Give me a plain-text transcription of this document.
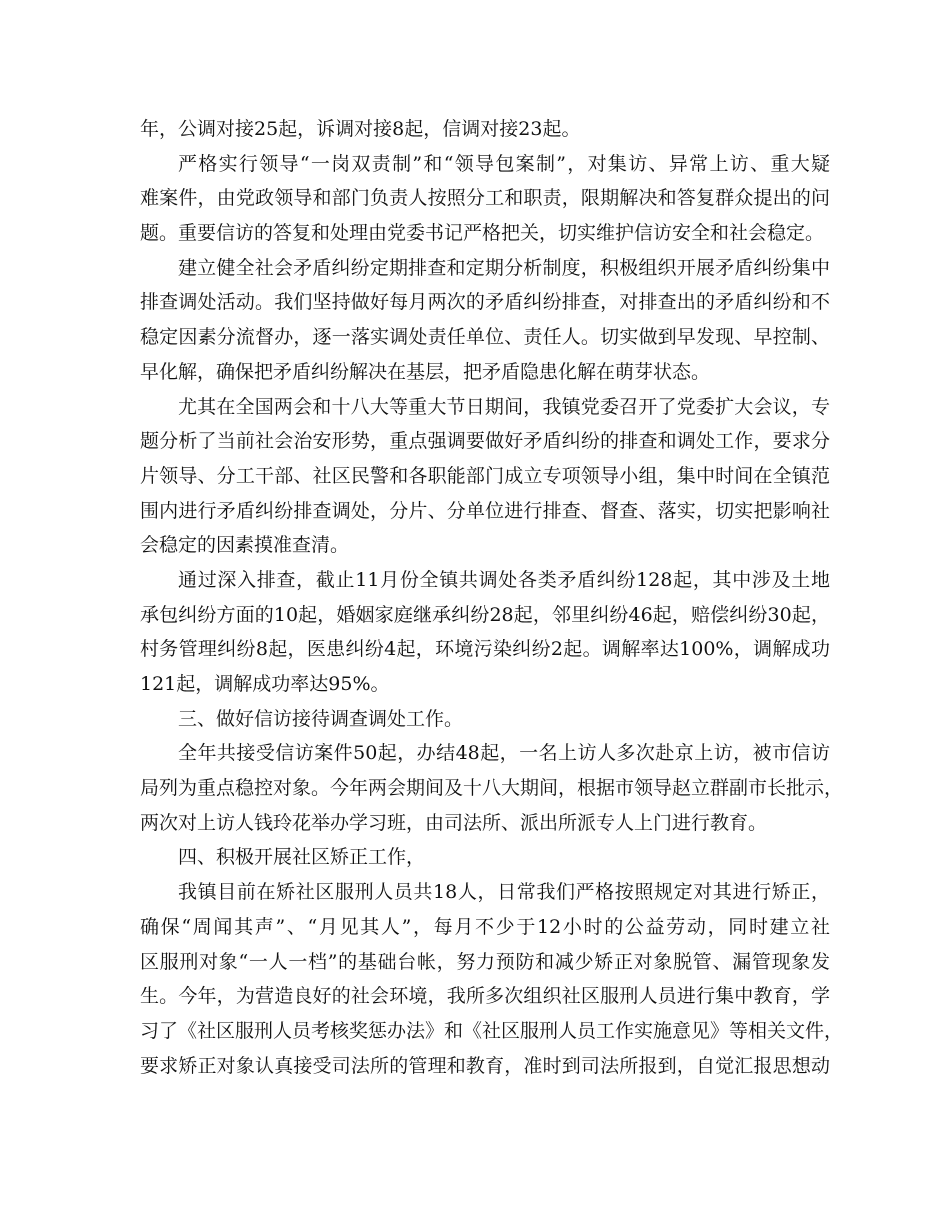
年，公调对接25起，诉调对接8起，信调对接23起。
严格实行领导“一岗双责制”和“领导包案制”，对集访、异常上访、重大疑
难案件，由党政领导和部门负责人按照分工和职责，限期解决和答复群众提出的问
题。重要信访的答复和处理由党委书记严格把关，切实维护信访安全和社会稳定。
建立健全社会矛盾纠纷定期排查和定期分析制度，积极组织开展矛盾纠纷集中
排查调处活动。我们坚持做好每月两次的矛盾纠纷排查，对排查出的矛盾纠纷和不
稳定因素分流督办，逐一落实调处责任单位、责任人。切实做到早发现、早控制、
早化解，确保把矛盾纠纷解决在基层，把矛盾隐患化解在萌芽状态。
尤其在全国两会和十八大等重大节日期间，我镇党委召开了党委扩大会议，专
题分析了当前社会治安形势，重点强调要做好矛盾纠纷的排查和调处工作，要求分
片领导、分工干部、社区民警和各职能部门成立专项领导小组，集中时间在全镇范
围内进行矛盾纠纷排查调处，分片、分单位进行排查、督查、落实，切实把影响社
会稳定的因素摸准查清。
通过深入排查，截止11月份全镇共调处各类矛盾纠纷128起，其中涉及土地
承包纠纷方面的10起，婚姻家庭继承纠纷28起，邻里纠纷46起，赔偿纠纷30起，
村务管理纠纷8起，医患纠纷4起，环境污染纠纷2起。调解率达100%，调解成功
121起，调解成功率达95%。
三、做好信访接待调查调处工作。
全年共接受信访案件50起，办结48起，一名上访人多次赴京上访，被市信访
局列为重点稳控对象。今年两会期间及十八大期间，根据市领导赵立群副市长批示，
两次对上访人钱玲花举办学习班，由司法所、派出所派专人上门进行教育。
四、积极开展社区矫正工作，
我镇目前在矫社区服刑人员共18人，日常我们严格按照规定对其进行矫正，
确保“周闻其声”、“月见其人”，每月不少于12小时的公益劳动，同时建立社
区服刑对象“一人一档”的基础台帐，努力预防和减少矫正对象脱管、漏管现象发
生。今年，为营造良好的社会环境，我所多次组织社区服刑人员进行集中教育，学
习了《社区服刑人员考核奖惩办法》和《社区服刑人员工作实施意见》等相关文件，
要求矫正对象认真接受司法所的管理和教育，准时到司法所报到，自觉汇报思想动
